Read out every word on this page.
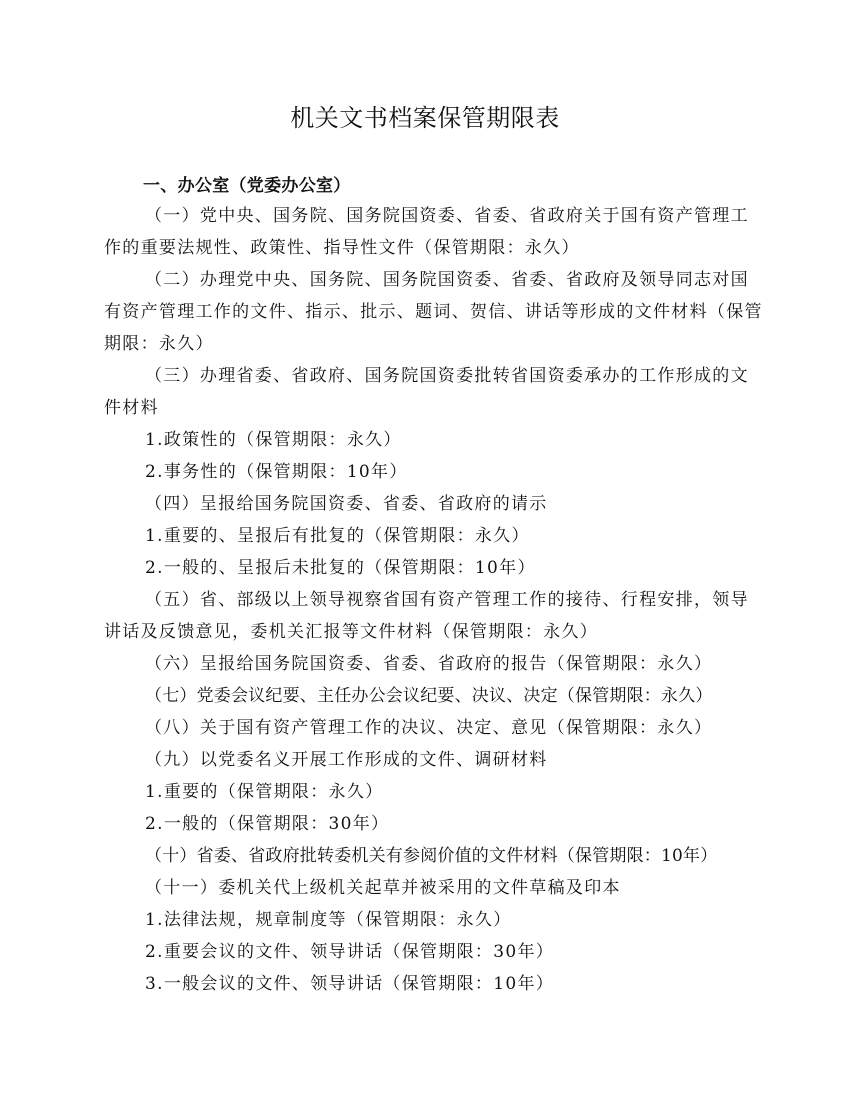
机关文书档案保管期限表
一、办公室（党委办公室）

（一）党中央、国务院、国务院国资委、省委、省政府关于国有资产管理工作的重要法规性、政策性、指导性文件（保管期限：永久）

（二）办理党中央、国务院、国务院国资委、省委、省政府及领导同志对国有资产管理工作的文件、指示、批示、题词、贺信、讲话等形成的文件材料（保管期限：永久）

（三）办理省委、省政府、国务院国资委批转省国资委承办的工作形成的文件材料

1.政策性的（保管期限：永久）

2.事务性的（保管期限：10年）

（四）呈报给国务院国资委、省委、省政府的请示

1.重要的、呈报后有批复的（保管期限：永久）

2.一般的、呈报后未批复的（保管期限：10年）

（五）省、部级以上领导视察省国有资产管理工作的接待、行程安排，领导讲话及反馈意见，委机关汇报等文件材料（保管期限：永久）

（六）呈报给国务院国资委、省委、省政府的报告（保管期限：永久）

（七）党委会议纪要、主任办公会议纪要、决议、决定（保管期限：永久）

（八）关于国有资产管理工作的决议、决定、意见（保管期限：永久）

（九）以党委名义开展工作形成的文件、调研材料

1.重要的（保管期限：永久）

2.一般的（保管期限：30年）

（十）省委、省政府批转委机关有参阅价值的文件材料（保管期限：10年）

（十一）委机关代上级机关起草并被采用的文件草稿及印本

1.法律法规，规章制度等（保管期限：永久）

2.重要会议的文件、领导讲话（保管期限：30年）

3.一般会议的文件、领导讲话（保管期限：10年）
